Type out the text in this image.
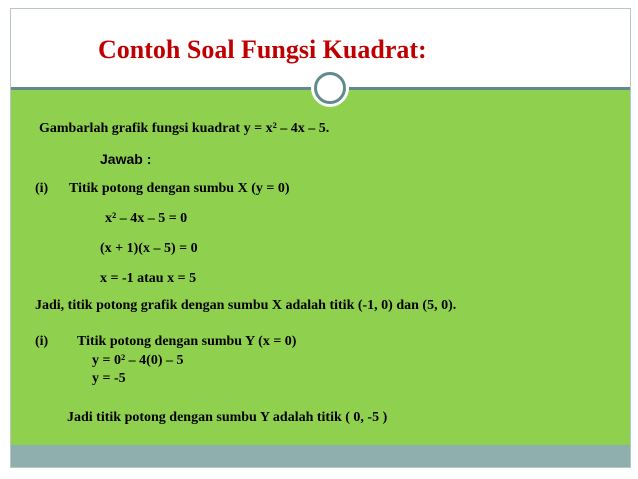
Contoh Soal Fungsi Kuadrat:
Gambarlah grafik fungsi kuadrat y = x² – 4x – 5.
Jawab :
(i) Titik potong dengan sumbu X (y = 0)
x² – 4x – 5 = 0
(x + 1)(x – 5) = 0
x = -1 atau x = 5
Jadi, titik potong grafik dengan sumbu X adalah titik (-1, 0) dan (5, 0).
(i) Titik potong dengan sumbu Y (x = 0)
y = 0² – 4(0) – 5
y = -5
Jadi titik potong dengan sumbu Y adalah titik ( 0, -5 )
